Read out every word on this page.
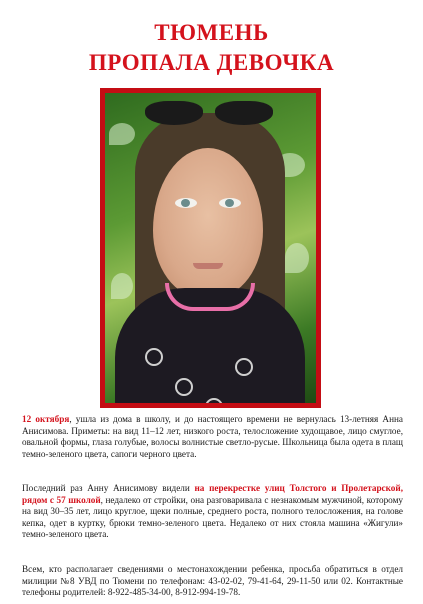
ТЮМЕНЬ
ПРОПАЛА ДЕВОЧКА
12 октября, ушла из дома в школу, и до настоящего времени не вернулась 13-летняя Анна Анисимова. Приметы: на вид 11–12 лет, низкого роста, телосложение худощавое, лицо смуглое, овальной формы, глаза голубые, волосы волнистые светло-русые. Школьница была одета в плащ темно-зеленого цвета, сапоги черного цвета.
Последний раз Анну Анисимову видели на перекрестке улиц Толстого и Пролетарской, рядом с 57 школой, недалеко от стройки, она разговаривала с незнакомым мужчиной, которому на вид 30–35 лет, лицо круглое, щеки полные, среднего роста, полного телосложения, на голове кепка, одет в куртку, брюки темно-зеленого цвета. Недалеко от них стояла машина «Жигули» темно-зеленого цвета.
Всем, кто располагает сведениями о местонахождении ребенка, просьба обратиться в отдел милиции №8 УВД по Тюмени по телефонам: 43-02-02, 79-41-64, 29-11-50 или 02. Контактные телефоны родителей: 8-922-485-34-00, 8-912-994-19-78.
